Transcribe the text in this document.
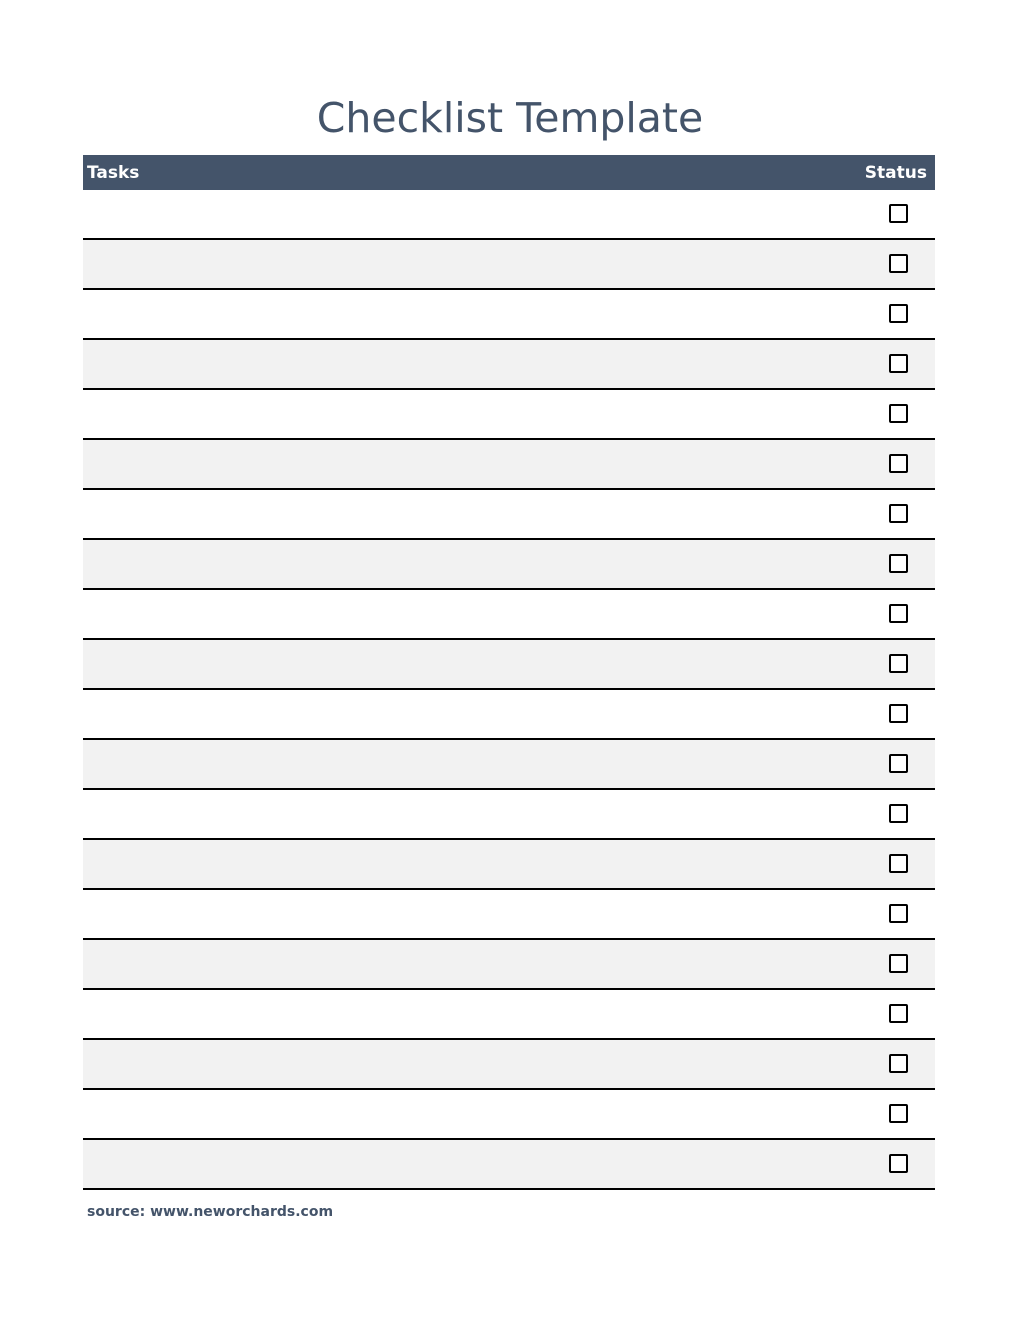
Checklist Template
Tasks	Status
source: www.neworchards.com
